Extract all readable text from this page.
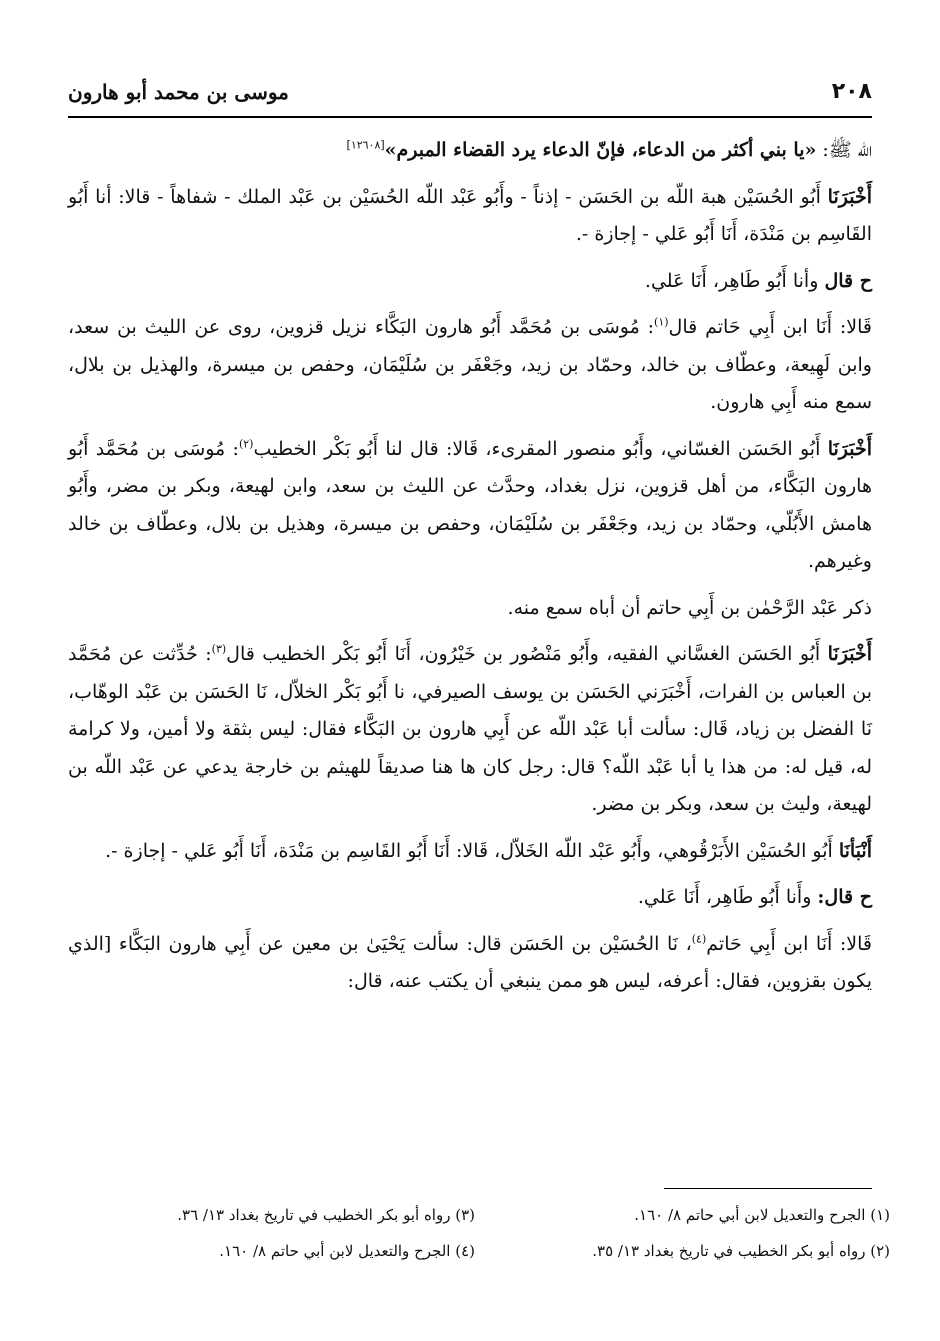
موسى بن محمد أبو هارون	٢٠٨

الله ﷺ: «يا بني أكثر من الدعاء، فإنّ الدعاء يرد القضاء المبرم»[١٢٦٠٨]

أَخْبَرَنَا أَبُو الحُسَيْن هبة اللّه بن الحَسَن - إذناً - وأَبُو عَبْد اللّه الحُسَيْن بن عَبْد الملك - شفاهاً - قالا: أنا أَبُو القَاسِم بن مَنْدَة، أَنَا أَبُو عَلي - إجازة -.

ح قال وأنا أَبُو طَاهِر، أَنَا عَلي.

قَالا: أَنَا ابن أَبِي حَاتم قال$^{(١)}$: مُوسَى بن مُحَمَّد أَبُو هارون البَكَّاء نزيل قزوين، روى عن الليث بن سعد، وابن لَهِيعة، وعطّاف بن خالد، وحمّاد بن زيد، وجَعْفَر بن سُلَيْمَان، وحفص بن ميسرة، والهذيل بن بلال، سمع منه أَبِي هارون.

أَخْبَرَنَا أَبُو الحَسَن الغسّاني، وأَبُو منصور المقرىء، قَالا: قال لنا أَبُو بَكْر الخطيب$^{(٢)}$: مُوسَى بن مُحَمَّد أَبُو هارون البَكَّاء، من أهل قزوين، نزل بغداد، وحدَّث عن الليث بن سعد، وابن لهيعة، وبكر بن مضر، وأَبُو هامش الأَبُلّي، وحمّاد بن زيد، وجَعْفَر بن سُلَيْمَان، وحفص بن ميسرة، وهذيل بن بلال، وعطّاف بن خالد وغيرهم.

ذكر عَبْد الرَّحْمٰن بن أَبِي حاتم أن أباه سمع منه.

أَخْبَرَنَا أَبُو الحَسَن الغسَّاني الفقيه، وأَبُو مَنْصُور بن خَيْرُون، أَنَا أَبُو بَكْر الخطيب قال$^{(٣)}$: حُدِّثت عن مُحَمَّد بن العباس بن الفرات، أَخْبَرَني الحَسَن بن يوسف الصيرفي، نا أَبُو بَكْر الخلاّل، نَا الحَسَن بن عَبْد الوهّاب، نَا الفضل بن زياد، قَال: سألت أبا عَبْد اللّه عن أَبِي هارون بن البَكَّاء فقال: ليس بثقة ولا أمين، ولا كرامة له، قيل له: من هذا يا أبا عَبْد اللّه؟ قال: رجل كان ها هنا صديقاً للهيثم بن خارجة يدعي عن عَبْد اللّه بن لهيعة، وليث بن سعد، وبكر بن مضر.

أَنْبَأنَا أَبُو الحُسَيْن الأَبَرْقُوهي، وأَبُو عَبْد اللّه الخَلاّل، قَالا: أَنَا أَبُو القَاسِم بن مَنْدَة، أَنَا أَبُو عَلي - إجازة -.

ح قال: وأَنا أَبُو طَاهِر، أَنَا عَلي.

قَالا: أَنَا ابن أَبِي حَاتم$^{(٤)}$، نَا الحُسَيْن بن الحَسَن قال: سألت يَحْيَىٰ بن معين عن أَبِي هارون البَكَّاء [الذي يكون بقزوين، فقال: أعرفه، ليس هو ممن ينبغي أن يكتب عنه، قال:

(١) الجرح والتعديل لابن أبي حاتم ٨/ ١٦٠.
(٣) رواه أبو بكر الخطيب في تاريخ بغداد ١٣/ ٣٦.
(٢) رواه أبو بكر الخطيب في تاريخ بغداد ١٣/ ٣٥.
(٤) الجرح والتعديل لابن أبي حاتم ٨/ ١٦٠.
